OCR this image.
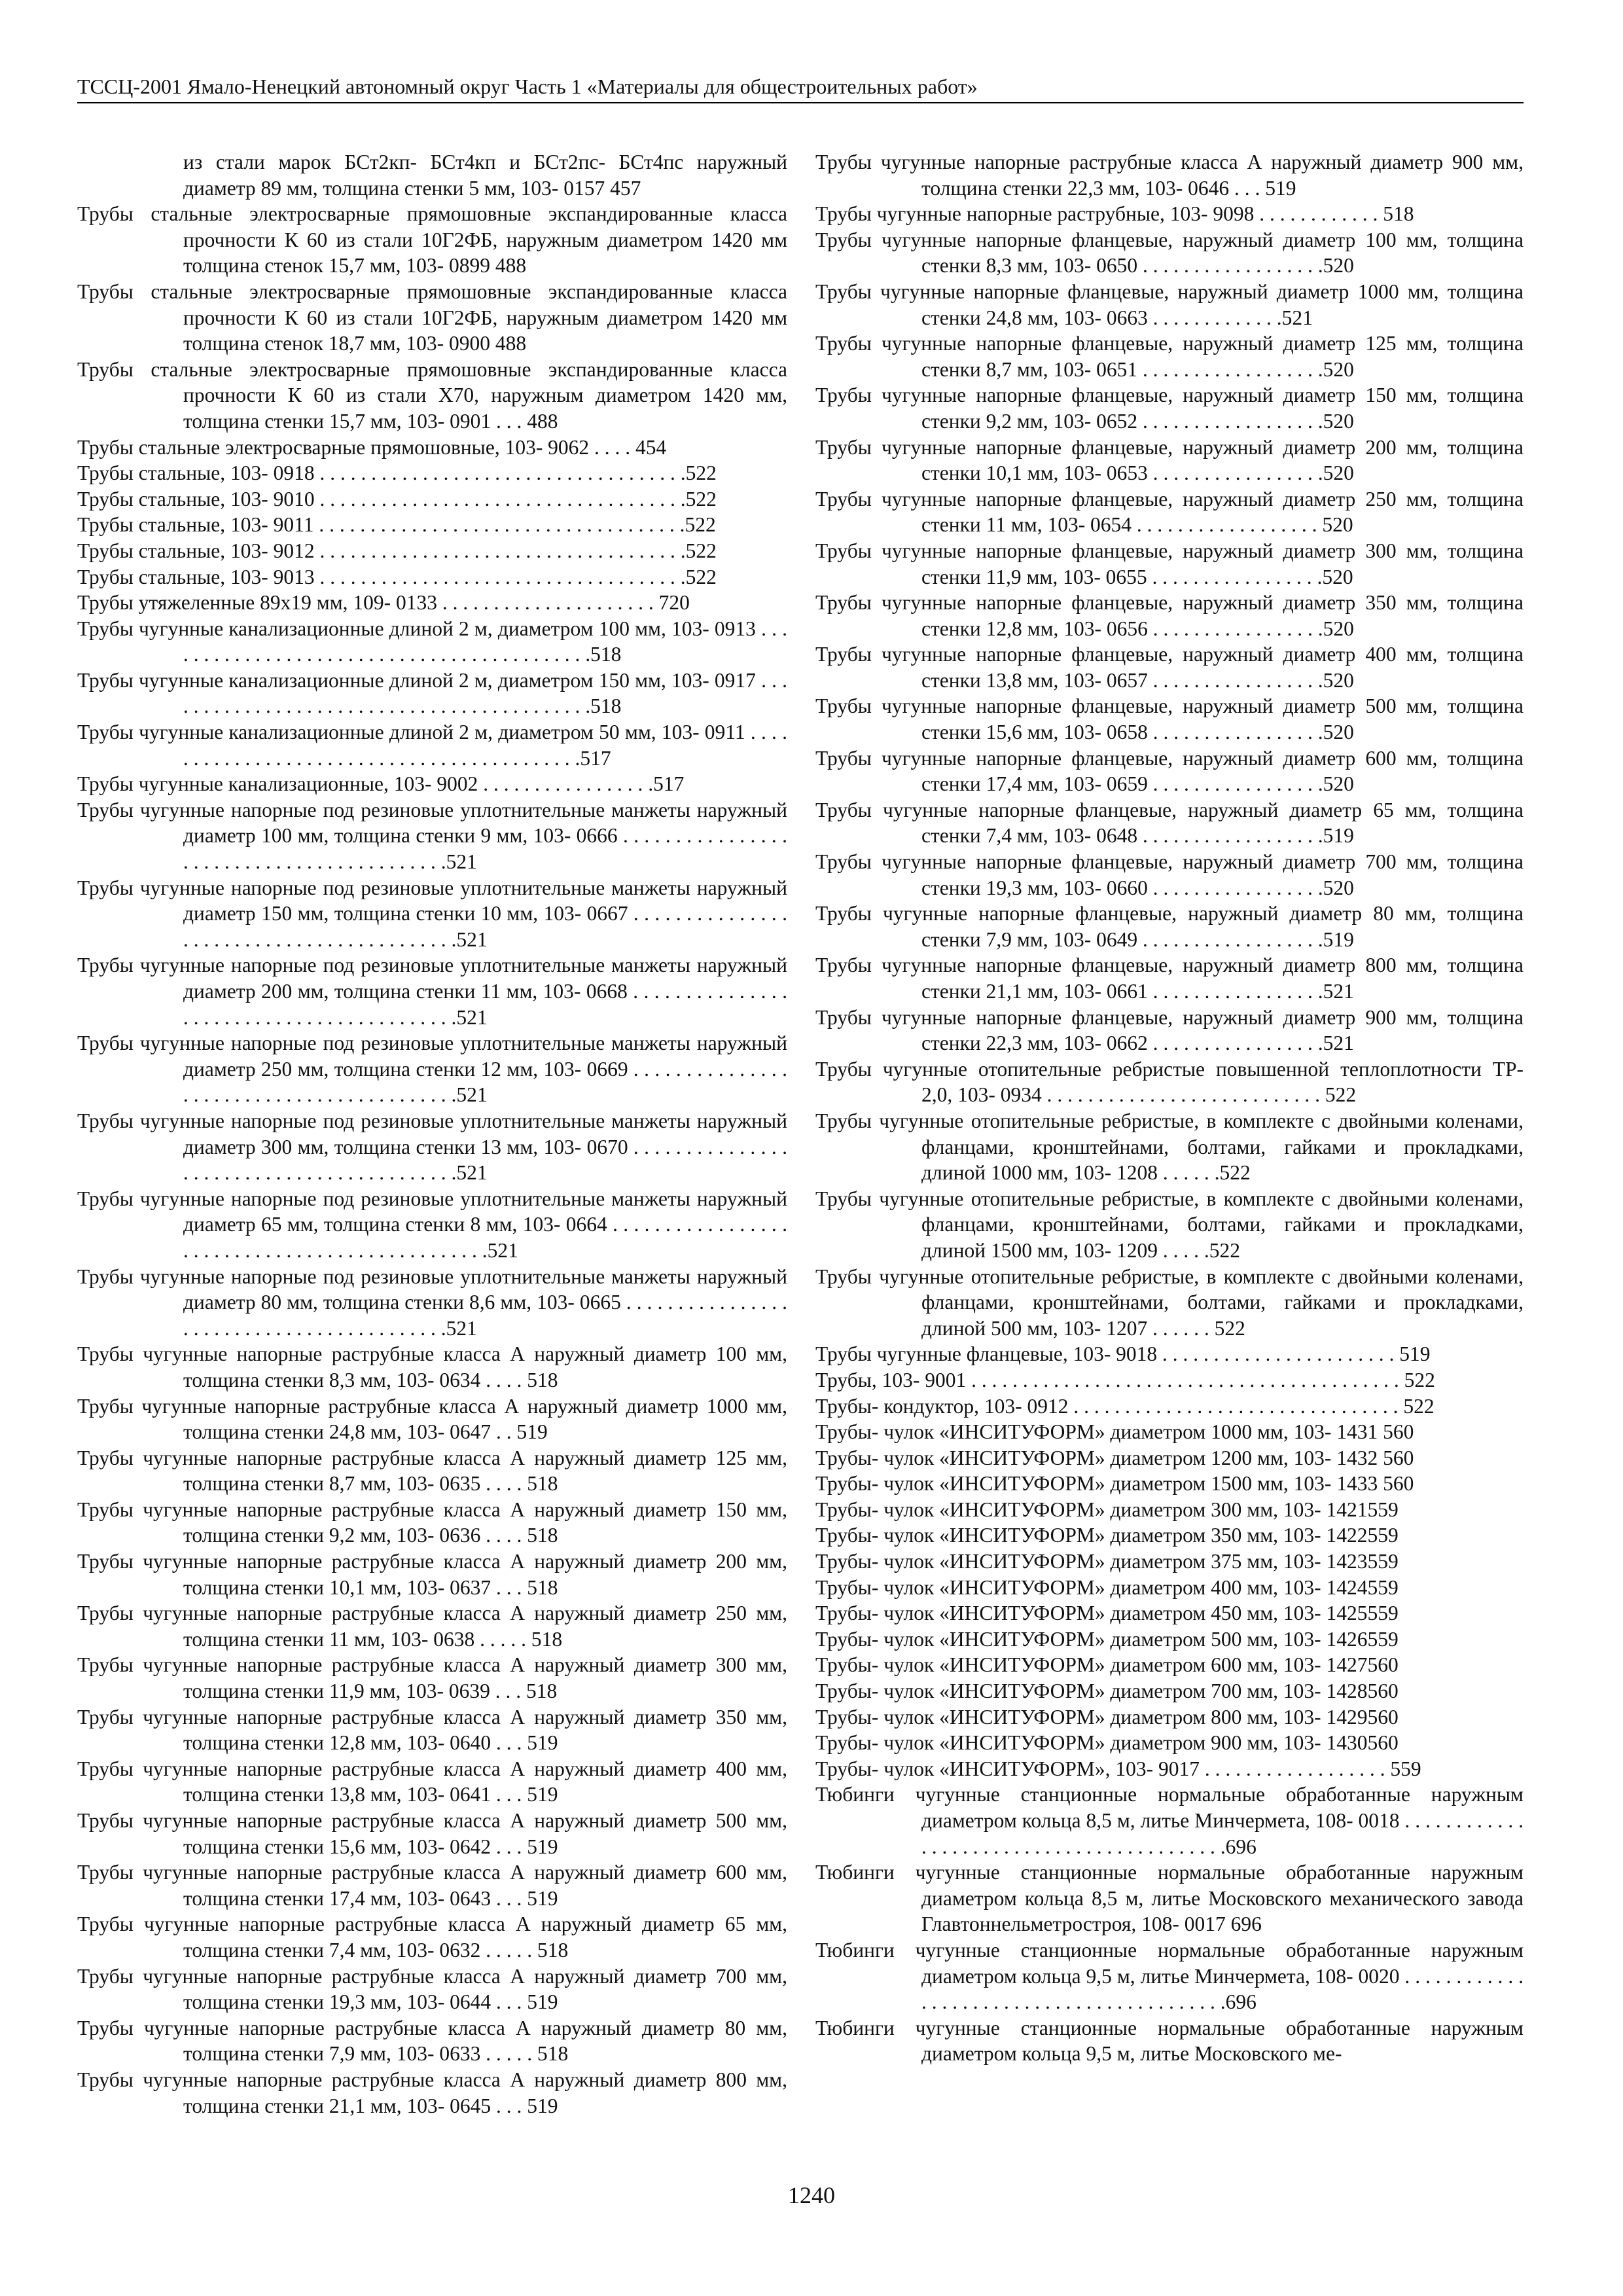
ТССЦ-2001 Ямало-Ненецкий автономный округ Часть 1 «Материалы для общестроительных работ»

из стали марок БСт2кп- БСт4кп и БСт2пс- БСт4пс наружный диаметр 89 мм, толщина стенки 5 мм, 103- 0157 457

Трубы стальные электросварные прямошовные экспандированные класса прочности К 60 из стали 10Г2ФБ, наружным диаметром 1420 мм толщина стенок 15,7 мм, 103- 0899 488

Трубы стальные электросварные прямошовные экспандированные класса прочности К 60 из стали 10Г2ФБ, наружным диаметром 1420 мм толщина стенок 18,7 мм, 103- 0900 488

Трубы стальные электросварные прямошовные экспандированные класса прочности К 60 из стали Х70, наружным диаметром 1420 мм, толщина стенки 15,7 мм, 103- 0901 . . . 488

Трубы стальные электросварные прямошовные, 103- 9062 . . . . 454

Трубы стальные, 103- 0918 . . . . . . . . . . . . . . . . . . . . . . . . . . . . . . . . . . . .522

Трубы стальные, 103- 9010 . . . . . . . . . . . . . . . . . . . . . . . . . . . . . . . . . . . .522

Трубы стальные, 103- 9011 . . . . . . . . . . . . . . . . . . . . . . . . . . . . . . . . . . . .522

Трубы стальные, 103- 9012 . . . . . . . . . . . . . . . . . . . . . . . . . . . . . . . . . . . .522

Трубы стальные, 103- 9013 . . . . . . . . . . . . . . . . . . . . . . . . . . . . . . . . . . . .522

Трубы утяжеленные 89х19 мм, 109- 0133 . . . . . . . . . . . . . . . . . . . . . 720

Трубы чугунные канализационные длиной 2 м, диаметром 100 мм, 103- 0913 . . . . . . . . . . . . . . . . . . . . . . . . . . . . . . . . . . . . . . . . . . .518

Трубы чугунные канализационные длиной 2 м, диаметром 150 мм, 103- 0917 . . . . . . . . . . . . . . . . . . . . . . . . . . . . . . . . . . . . . . . . . . .518

Трубы чугунные канализационные длиной 2 м, диаметром 50 мм, 103- 0911 . . . . . . . . . . . . . . . . . . . . . . . . . . . . . . . . . . . . . . . . . . .517

Трубы чугунные канализационные, 103- 9002 . . . . . . . . . . . . . . . . .517

Трубы чугунные напорные под резиновые уплотнительные манжеты наружный диаметр 100 мм, толщина стенки 9 мм, 103- 0666 . . . . . . . . . . . . . . . . . . . . . . . . . . . . . . . . . . . . . . . . . .521

Трубы чугунные напорные под резиновые уплотнительные манжеты наружный диаметр 150 мм, толщина стенки 10 мм, 103- 0667 . . . . . . . . . . . . . . . . . . . . . . . . . . . . . . . . . . . . . . . . . .521

Трубы чугунные напорные под резиновые уплотнительные манжеты наружный диаметр 200 мм, толщина стенки 11 мм, 103- 0668 . . . . . . . . . . . . . . . . . . . . . . . . . . . . . . . . . . . . . . . . . .521

Трубы чугунные напорные под резиновые уплотнительные манжеты наружный диаметр 250 мм, толщина стенки 12 мм, 103- 0669 . . . . . . . . . . . . . . . . . . . . . . . . . . . . . . . . . . . . . . . . . .521

Трубы чугунные напорные под резиновые уплотнительные манжеты наружный диаметр 300 мм, толщина стенки 13 мм, 103- 0670 . . . . . . . . . . . . . . . . . . . . . . . . . . . . . . . . . . . . . . . . . .521

Трубы чугунные напорные под резиновые уплотнительные манжеты наружный диаметр 65 мм, толщина стенки 8 мм, 103- 0664 . . . . . . . . . . . . . . . . . . . . . . . . . . . . . . . . . . . . . . . . . . . . . . .521

Трубы чугунные напорные под резиновые уплотнительные манжеты наружный диаметр 80 мм, толщина стенки 8,6 мм, 103- 0665 . . . . . . . . . . . . . . . . . . . . . . . . . . . . . . . . . . . . . . . . . .521

Трубы чугунные напорные раструбные класса А наружный диаметр 100 мм, толщина стенки 8,3 мм, 103- 0634 . . . . 518

Трубы чугунные напорные раструбные класса А наружный диаметр 1000 мм, толщина стенки 24,8 мм, 103- 0647 . . 519

Трубы чугунные напорные раструбные класса А наружный диаметр 125 мм, толщина стенки 8,7 мм, 103- 0635 . . . . 518

Трубы чугунные напорные раструбные класса А наружный диаметр 150 мм, толщина стенки 9,2 мм, 103- 0636 . . . . 518

Трубы чугунные напорные раструбные класса А наружный диаметр 200 мм, толщина стенки 10,1 мм, 103- 0637 . . . 518

Трубы чугунные напорные раструбные класса А наружный диаметр 250 мм, толщина стенки 11 мм, 103- 0638 . . . . . 518

Трубы чугунные напорные раструбные класса А наружный диаметр 300 мм, толщина стенки 11,9 мм, 103- 0639 . . . 518

Трубы чугунные напорные раструбные класса А наружный диаметр 350 мм, толщина стенки 12,8 мм, 103- 0640 . . . 519

Трубы чугунные напорные раструбные класса А наружный диаметр 400 мм, толщина стенки 13,8 мм, 103- 0641 . . . 519

Трубы чугунные напорные раструбные класса А наружный диаметр 500 мм, толщина стенки 15,6 мм, 103- 0642 . . . 519

Трубы чугунные напорные раструбные класса А наружный диаметр 600 мм, толщина стенки 17,4 мм, 103- 0643 . . . 519

Трубы чугунные напорные раструбные класса А наружный диаметр 65 мм, толщина стенки 7,4 мм, 103- 0632 . . . . . 518

Трубы чугунные напорные раструбные класса А наружный диаметр 700 мм, толщина стенки 19,3 мм, 103- 0644 . . . 519

Трубы чугунные напорные раструбные класса А наружный диаметр 80 мм, толщина стенки 7,9 мм, 103- 0633 . . . . . 518

Трубы чугунные напорные раструбные класса А наружный диаметр 800 мм, толщина стенки 21,1 мм, 103- 0645 . . . 519

Трубы чугунные напорные раструбные класса А наружный диаметр 900 мм, толщина стенки 22,3 мм, 103- 0646 . . . 519

Трубы чугунные напорные раструбные, 103- 9098 . . . . . . . . . . . . 518

Трубы чугунные напорные фланцевые, наружный диаметр 100 мм, толщина стенки 8,3 мм, 103- 0650 . . . . . . . . . . . . . . . . . .520

Трубы чугунные напорные фланцевые, наружный диаметр 1000 мм, толщина стенки 24,8 мм, 103- 0663 . . . . . . . . . . . . .521

Трубы чугунные напорные фланцевые, наружный диаметр 125 мм, толщина стенки 8,7 мм, 103- 0651 . . . . . . . . . . . . . . . . . .520

Трубы чугунные напорные фланцевые, наружный диаметр 150 мм, толщина стенки 9,2 мм, 103- 0652 . . . . . . . . . . . . . . . . . .520

Трубы чугунные напорные фланцевые, наружный диаметр 200 мм, толщина стенки 10,1 мм, 103- 0653 . . . . . . . . . . . . . . . . .520

Трубы чугунные напорные фланцевые, наружный диаметр 250 мм, толщина стенки 11 мм, 103- 0654 . . . . . . . . . . . . . . . . . . 520

Трубы чугунные напорные фланцевые, наружный диаметр 300 мм, толщина стенки 11,9 мм, 103- 0655 . . . . . . . . . . . . . . . . .520

Трубы чугунные напорные фланцевые, наружный диаметр 350 мм, толщина стенки 12,8 мм, 103- 0656 . . . . . . . . . . . . . . . . .520

Трубы чугунные напорные фланцевые, наружный диаметр 400 мм, толщина стенки 13,8 мм, 103- 0657 . . . . . . . . . . . . . . . . .520

Трубы чугунные напорные фланцевые, наружный диаметр 500 мм, толщина стенки 15,6 мм, 103- 0658 . . . . . . . . . . . . . . . . .520

Трубы чугунные напорные фланцевые, наружный диаметр 600 мм, толщина стенки 17,4 мм, 103- 0659 . . . . . . . . . . . . . . . . .520

Трубы чугунные напорные фланцевые, наружный диаметр 65 мм, толщина стенки 7,4 мм, 103- 0648 . . . . . . . . . . . . . . . . . .519

Трубы чугунные напорные фланцевые, наружный диаметр 700 мм, толщина стенки 19,3 мм, 103- 0660 . . . . . . . . . . . . . . . . .520

Трубы чугунные напорные фланцевые, наружный диаметр 80 мм, толщина стенки 7,9 мм, 103- 0649 . . . . . . . . . . . . . . . . . .519

Трубы чугунные напорные фланцевые, наружный диаметр 800 мм, толщина стенки 21,1 мм, 103- 0661 . . . . . . . . . . . . . . . . .521

Трубы чугунные напорные фланцевые, наружный диаметр 900 мм, толщина стенки 22,3 мм, 103- 0662 . . . . . . . . . . . . . . . . .521

Трубы чугунные отопительные ребристые повышенной теплоплотности ТР- 2,0, 103- 0934 . . . . . . . . . . . . . . . . . . . . . . . . . . . 522

Трубы чугунные отопительные ребристые, в комплекте с двойными коленами, фланцами, кронштейнами, болтами, гайками и прокладками, длиной 1000 мм, 103- 1208 . . . . . .522

Трубы чугунные отопительные ребристые, в комплекте с двойными коленами, фланцами, кронштейнами, болтами, гайками и прокладками, длиной 1500 мм, 103- 1209 . . . . .522

Трубы чугунные отопительные ребристые, в комплекте с двойными коленами, фланцами, кронштейнами, болтами, гайками и прокладками, длиной 500 мм, 103- 1207 . . . . . . 522

Трубы чугунные фланцевые, 103- 9018 . . . . . . . . . . . . . . . . . . . . . . . 519

Трубы, 103- 9001 . . . . . . . . . . . . . . . . . . . . . . . . . . . . . . . . . . . . . . . . . . 522

Трубы- кондуктор, 103- 0912 . . . . . . . . . . . . . . . . . . . . . . . . . . . . . . . . 522

Трубы- чулок «ИНСИТУФОРМ» диаметром 1000 мм, 103- 1431 560

Трубы- чулок «ИНСИТУФОРМ» диаметром 1200 мм, 103- 1432 560

Трубы- чулок «ИНСИТУФОРМ» диаметром 1500 мм, 103- 1433 560

Трубы- чулок «ИНСИТУФОРМ» диаметром 300 мм, 103- 1421559

Трубы- чулок «ИНСИТУФОРМ» диаметром 350 мм, 103- 1422559

Трубы- чулок «ИНСИТУФОРМ» диаметром 375 мм, 103- 1423559

Трубы- чулок «ИНСИТУФОРМ» диаметром 400 мм, 103- 1424559

Трубы- чулок «ИНСИТУФОРМ» диаметром 450 мм, 103- 1425559

Трубы- чулок «ИНСИТУФОРМ» диаметром 500 мм, 103- 1426559

Трубы- чулок «ИНСИТУФОРМ» диаметром 600 мм, 103- 1427560

Трубы- чулок «ИНСИТУФОРМ» диаметром 700 мм, 103- 1428560

Трубы- чулок «ИНСИТУФОРМ» диаметром 800 мм, 103- 1429560

Трубы- чулок «ИНСИТУФОРМ» диаметром 900 мм, 103- 1430560

Трубы- чулок «ИНСИТУФОРМ», 103- 9017 . . . . . . . . . . . . . . . . . . 559

Тюбинги чугунные станционные нормальные обработанные наружным диаметром кольца 8,5 м, литье Минчермета, 108- 0018 . . . . . . . . . . . . . . . . . . . . . . . . . . . . . . . . . . . . . . . . . .696

Тюбинги чугунные станционные нормальные обработанные наружным диаметром кольца 8,5 м, литье Московского механического завода Главтоннельметростроя, 108- 0017 696

Тюбинги чугунные станционные нормальные обработанные наружным диаметром кольца 9,5 м, литье Минчермета, 108- 0020 . . . . . . . . . . . . . . . . . . . . . . . . . . . . . . . . . . . . . . . . . .696

Тюбинги чугунные станционные нормальные обработанные наружным диаметром кольца 9,5 м, литье Московского ме-

1240
